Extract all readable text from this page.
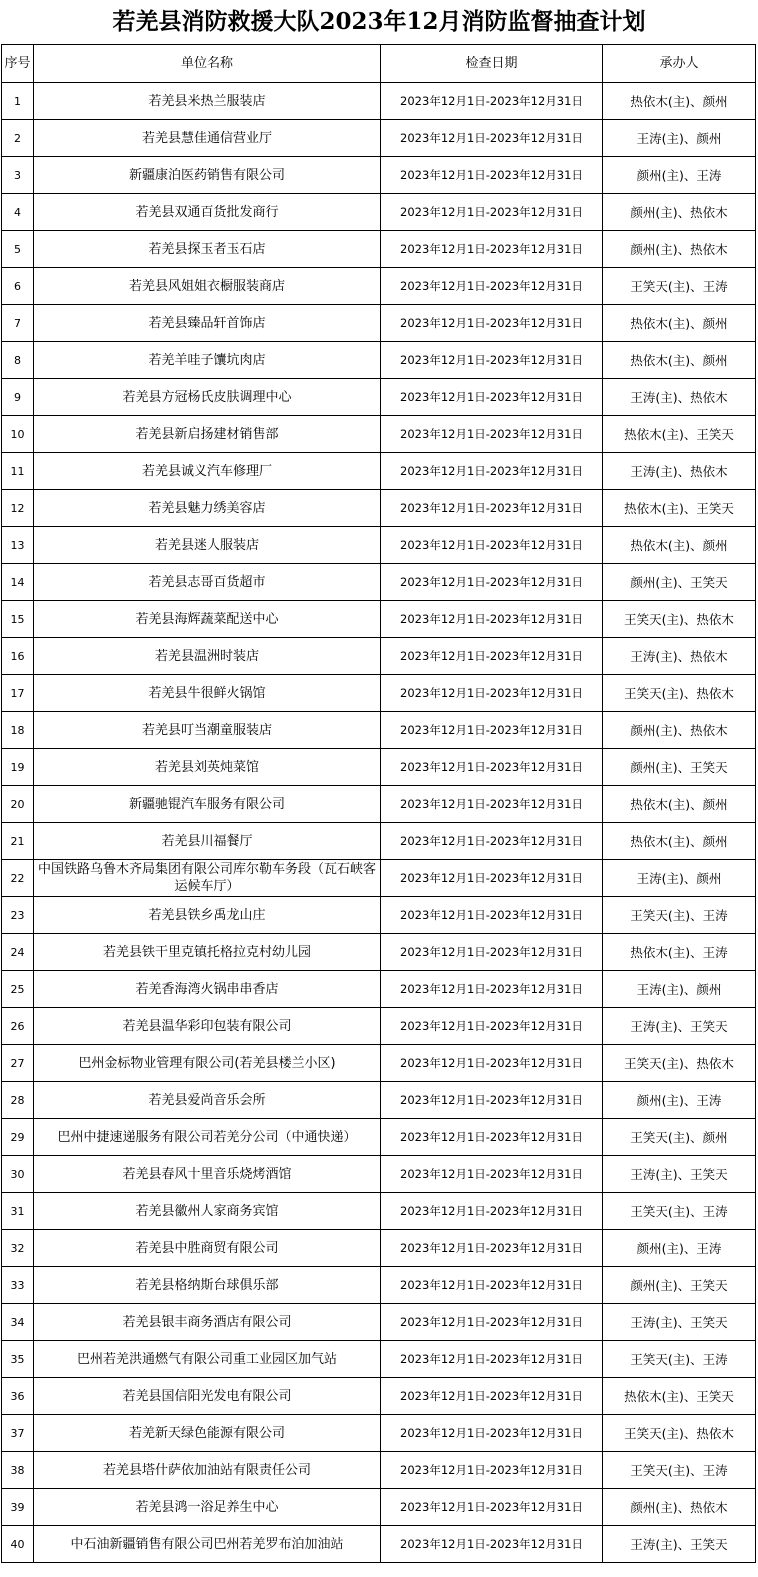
若羌县消防救援大队2023年12月消防监督抽查计划
序号	单位名称	检查日期	承办人
1	若羌县米热兰服装店	2023年12月1日-2023年12月31日	热依木(主)、颜州
2	若羌县慧佳通信营业厅	2023年12月1日-2023年12月31日	王涛(主)、颜州
3	新疆康泊医药销售有限公司	2023年12月1日-2023年12月31日	颜州(主)、王涛
4	若羌县双通百货批发商行	2023年12月1日-2023年12月31日	颜州(主)、热依木
5	若羌县探玉者玉石店	2023年12月1日-2023年12月31日	颜州(主)、热依木
6	若羌县风姐姐衣橱服装商店	2023年12月1日-2023年12月31日	王笑天(主)、王涛
7	若羌县臻品轩首饰店	2023年12月1日-2023年12月31日	热依木(主)、颜州
8	若羌羊哇子馕坑肉店	2023年12月1日-2023年12月31日	热依木(主)、颜州
9	若羌县方冠杨氏皮肤调理中心	2023年12月1日-2023年12月31日	王涛(主)、热依木
10	若羌县新启扬建材销售部	2023年12月1日-2023年12月31日	热依木(主)、王笑天
11	若羌县诚义汽车修理厂	2023年12月1日-2023年12月31日	王涛(主)、热依木
12	若羌县魅力绣美容店	2023年12月1日-2023年12月31日	热依木(主)、王笑天
13	若羌县迷人服装店	2023年12月1日-2023年12月31日	热依木(主)、颜州
14	若羌县志哥百货超市	2023年12月1日-2023年12月31日	颜州(主)、王笑天
15	若羌县海辉蔬菜配送中心	2023年12月1日-2023年12月31日	王笑天(主)、热依木
16	若羌县温洲时装店	2023年12月1日-2023年12月31日	王涛(主)、热依木
17	若羌县牛很鲜火锅馆	2023年12月1日-2023年12月31日	王笑天(主)、热依木
18	若羌县叮当潮童服装店	2023年12月1日-2023年12月31日	颜州(主)、热依木
19	若羌县刘英炖菜馆	2023年12月1日-2023年12月31日	颜州(主)、王笑天
20	新疆驰锟汽车服务有限公司	2023年12月1日-2023年12月31日	热依木(主)、颜州
21	若羌县川福餐厅	2023年12月1日-2023年12月31日	热依木(主)、颜州
22	中国铁路乌鲁木齐局集团有限公司库尔勒车务段（瓦石峡客运候车厅）	2023年12月1日-2023年12月31日	王涛(主)、颜州
23	若羌县铁乡禹龙山庄	2023年12月1日-2023年12月31日	王笑天(主)、王涛
24	若羌县铁干里克镇托格拉克村幼儿园	2023年12月1日-2023年12月31日	热依木(主)、王涛
25	若羌香海湾火锅串串香店	2023年12月1日-2023年12月31日	王涛(主)、颜州
26	若羌县温华彩印包装有限公司	2023年12月1日-2023年12月31日	王涛(主)、王笑天
27	巴州金标物业管理有限公司(若羌县楼兰小区)	2023年12月1日-2023年12月31日	王笑天(主)、热依木
28	若羌县爱尚音乐会所	2023年12月1日-2023年12月31日	颜州(主)、王涛
29	巴州中捷速递服务有限公司若羌分公司（中通快递）	2023年12月1日-2023年12月31日	王笑天(主)、颜州
30	若羌县春风十里音乐烧烤酒馆	2023年12月1日-2023年12月31日	王涛(主)、王笑天
31	若羌县徽州人家商务宾馆	2023年12月1日-2023年12月31日	王笑天(主)、王涛
32	若羌县中胜商贸有限公司	2023年12月1日-2023年12月31日	颜州(主)、王涛
33	若羌县格纳斯台球俱乐部	2023年12月1日-2023年12月31日	颜州(主)、王笑天
34	若羌县银丰商务酒店有限公司	2023年12月1日-2023年12月31日	王涛(主)、王笑天
35	巴州若羌洪通燃气有限公司重工业园区加气站	2023年12月1日-2023年12月31日	王笑天(主)、王涛
36	若羌县国信阳光发电有限公司	2023年12月1日-2023年12月31日	热依木(主)、王笑天
37	若羌新天绿色能源有限公司	2023年12月1日-2023年12月31日	王笑天(主)、热依木
38	若羌县塔什萨依加油站有限责任公司	2023年12月1日-2023年12月31日	王笑天(主)、王涛
39	若羌县鸿一浴足养生中心	2023年12月1日-2023年12月31日	颜州(主)、热依木
40	中石油新疆销售有限公司巴州若羌罗布泊加油站	2023年12月1日-2023年12月31日	王涛(主)、王笑天
